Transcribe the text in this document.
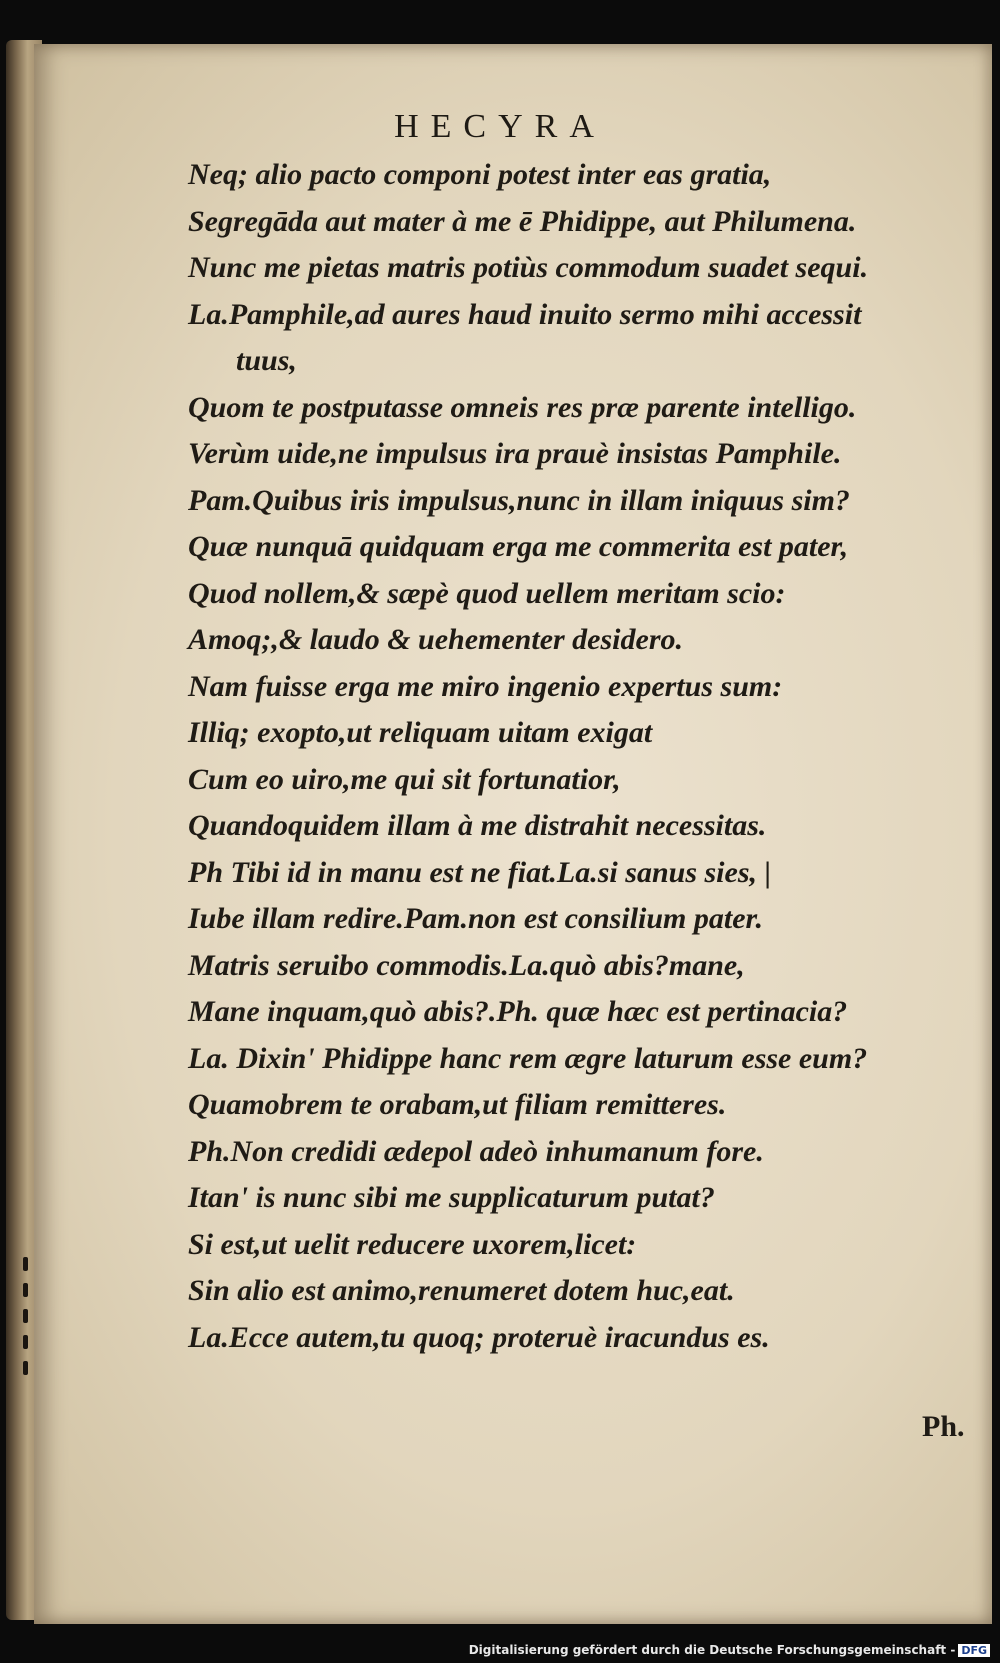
HECYRA
Neq; alio pacto componi potest inter eas gratia,
Segregāda aut mater à me ē Phidippe, aut Philumena.
Nunc me pietas matris potiùs commodum suadet sequi.
La.Pamphile,ad aures haud inuito sermo mihi accessit
tuus,
Quom te postputasse omneis res præ parente intelligo.
Verùm uide,ne impulsus ira prauè insistas Pamphile.
Pam.Quibus iris impulsus,nunc in illam iniquus sim?
Quæ nunquā quidquam erga me commerita est pater,
Quod nollem,& sæpè quod uellem meritam scio:
Amoq;,& laudo & uehementer desidero.
Nam fuisse erga me miro ingenio expertus sum:
Illiq; exopto,ut reliquam uitam exigat
Cum eo uiro,me qui sit fortunatior,
Quandoquidem illam à me distrahit necessitas.
Ph Tibi id in manu est ne fiat.La.si sanus sies, |
Iube illam redire.Pam.non est consilium pater.
Matris seruibo commodis.La.quò abis?mane,
Mane inquam,quò abis?.Ph. quæ hæc est pertinacia?
La. Dixin' Phidippe hanc rem ægre laturum esse eum?
Quamobrem te orabam,ut filiam remitteres.
Ph.Non credidi ædepol adeò inhumanum fore.
Itan' is nunc sibi me supplicaturum putat?
Si est,ut uelit reducere uxorem,licet:
Sin alio est animo,renumeret dotem huc,eat.
La.Ecce autem,tu quoq; proteruè iracundus es.
Ph.
Digitalisierung gefördert durch die Deutsche Forschungsgemeinschaft - DFG
